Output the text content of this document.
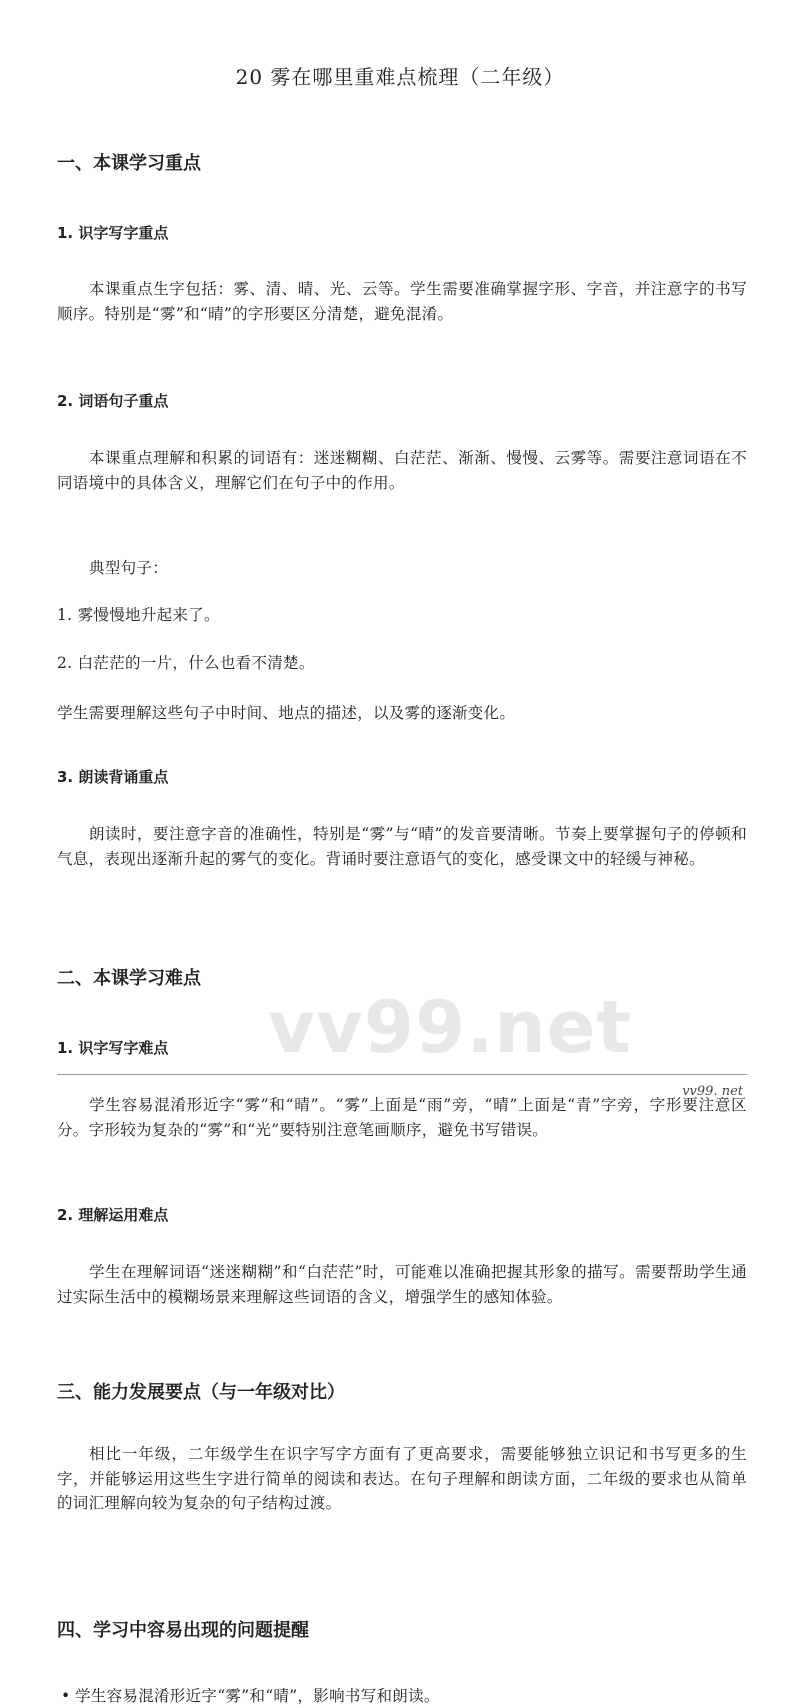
vv99.net
20 雾在哪里重难点梳理（二年级）
一、本课学习重点
1. 识字写字重点
本课重点生字包括：雾、清、晴、光、云等。学生需要准确掌握字形、字音，并注意字的书写顺序。特别是“雾”和“晴”的字形要区分清楚，避免混淆。
2. 词语句子重点
本课重点理解和积累的词语有：迷迷糊糊、白茫茫、渐渐、慢慢、云雾等。需要注意词语在不同语境中的具体含义，理解它们在句子中的作用。
典型句子：
1. 雾慢慢地升起来了。
2. 白茫茫的一片，什么也看不清楚。
学生需要理解这些句子中时间、地点的描述，以及雾的逐渐变化。
3. 朗读背诵重点
朗读时，要注意字音的准确性，特别是“雾”与“晴”的发音要清晰。节奏上要掌握句子的停顿和气息，表现出逐渐升起的雾气的变化。背诵时要注意语气的变化，感受课文中的轻缓与神秘。
二、本课学习难点
1. 识字写字难点
学生容易混淆形近字“雾”和“晴”。“雾”上面是“雨”旁，“晴”上面是“青”字旁，字形要注意区分。字形较为复杂的“雾”和“光”要特别注意笔画顺序，避免书写错误。
2. 理解运用难点
学生在理解词语“迷迷糊糊”和“白茫茫”时，可能难以准确把握其形象的描写。需要帮助学生通过实际生活中的模糊场景来理解这些词语的含义，增强学生的感知体验。
三、能力发展要点（与一年级对比）
相比一年级，二年级学生在识字写字方面有了更高要求，需要能够独立识记和书写更多的生字，并能够运用这些生字进行简单的阅读和表达。在句子理解和朗读方面，二年级的要求也从简单的词汇理解向较为复杂的句子结构过渡。
四、学习中容易出现的问题提醒
• 学生容易混淆形近字“雾”和“晴”，影响书写和朗读。
vv99. net
